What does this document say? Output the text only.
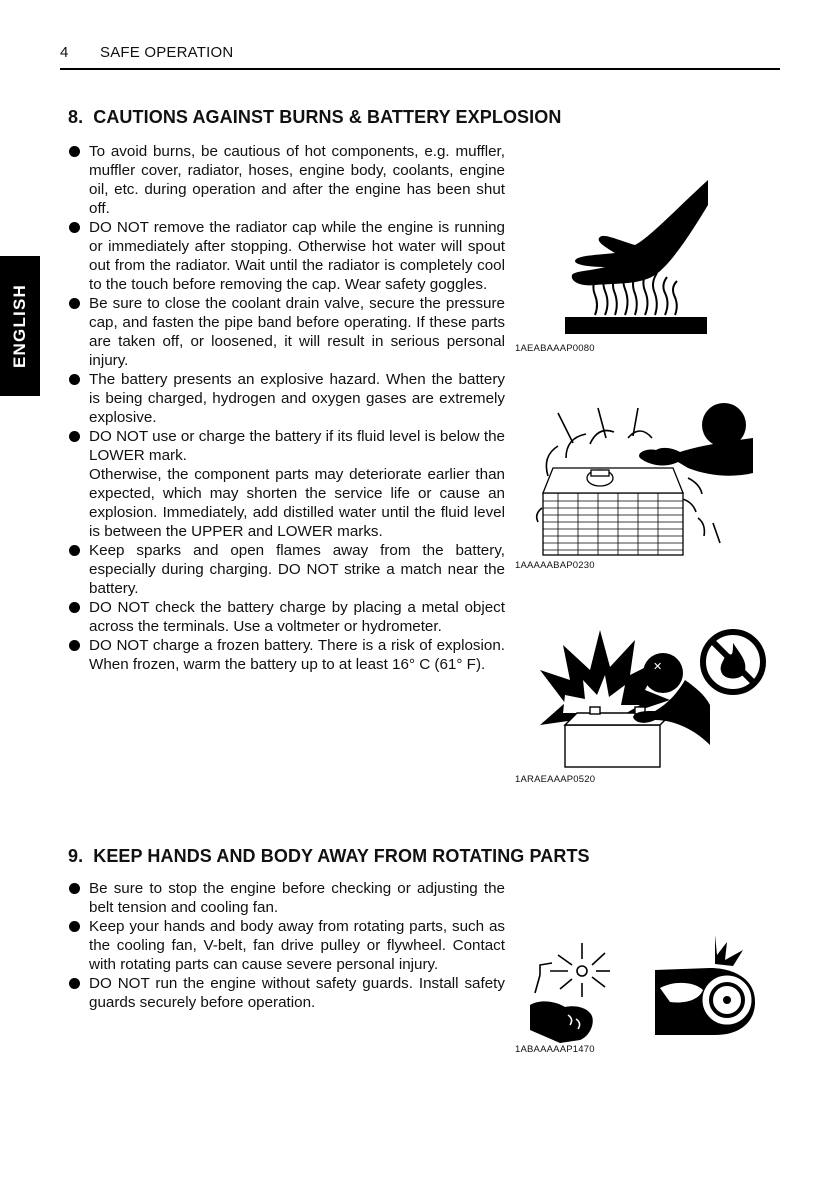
4 SAFE OPERATION
ENGLISH
8. CAUTIONS AGAINST BURNS & BATTERY EXPLOSION

To avoid burns, be cautious of hot components, e.g. muffler, muffler cover, radiator, hoses, engine body, coolants, engine oil, etc. during operation and after the engine has been shut off.

DO NOT remove the radiator cap while the engine is running or immediately after stopping. Otherwise hot water will spout out from the radiator. Wait until the radiator is completely cool to the touch before removing the cap. Wear safety goggles.

Be sure to close the coolant drain valve, secure the pressure cap, and fasten the pipe band before operating. If these parts are taken off, or loosened, it will result in serious personal injury.

The battery presents an explosive hazard. When the battery is being charged, hydrogen and oxygen gases are extremely explosive.

DO NOT use or charge the battery if its fluid level is below the LOWER mark.

Otherwise, the component parts may deteriorate earlier than expected, which may shorten the service life or cause an explosion. Immediately, add distilled water until the fluid level is between the UPPER and LOWER marks.

Keep sparks and open flames away from the battery, especially during charging. DO NOT strike a match near the battery.

DO NOT check the battery charge by placing a metal object across the terminals. Use a voltmeter or hydrometer.

DO NOT charge a frozen battery. There is a risk of explosion. When frozen, warm the battery up to at least 16° C (61° F).

1AEABAAAP0080
1AAAAABAP0230
✕
1ARAEAAAP0520
9. KEEP HANDS AND BODY AWAY FROM ROTATING PARTS

Be sure to stop the engine before checking or adjusting the belt tension and cooling fan.

Keep your hands and body away from rotating parts, such as the cooling fan, V-belt, fan drive pulley or flywheel. Contact with rotating parts can cause severe personal injury.

DO NOT run the engine without safety guards. Install safety guards securely before operation.

1ABAAAAAP1470
